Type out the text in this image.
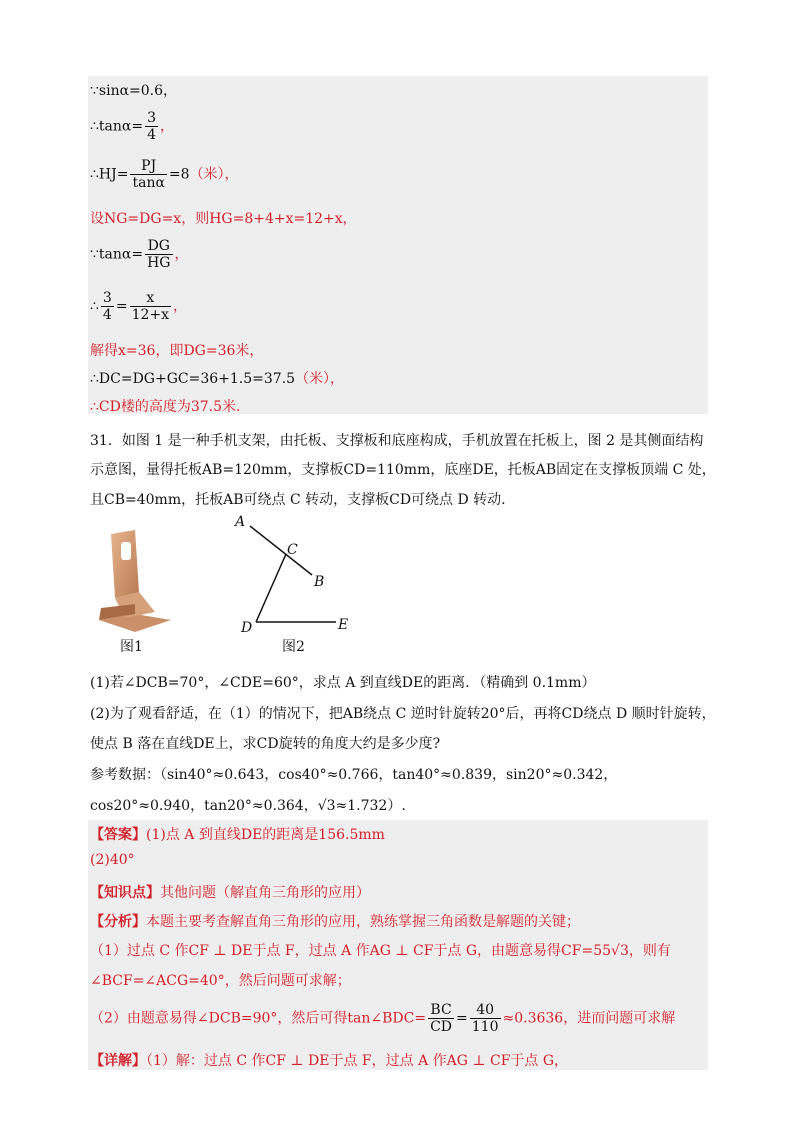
∵sinα=0.6，
∴tanα= $\frac{3}{4}$ ，
∴HJ= $\frac{PJ}{\tan\alpha} =8$（米），
设NG=DG=x，则HG=8+4+x=12+x，
∵tanα= $\frac{DG}{HG}$ ，
∴ $\frac{3}{4} = \frac{x}{12+x}$ ，
解得x=36，即DG=36米，
∴DC=DG+GC=36+1.5=37.5（米），
∴CD楼的高度为37.5米.
31．如图 1 是一种手机支架，由托板、支撑板和底座构成，手机放置在托板上，图 2 是其侧面结构
示意图，量得托板AB=120mm，支撑板CD=110mm，底座DE，托板AB固定在支撑板顶端 C 处，
且CB=40mm，托板AB可绕点 C 转动，支撑板CD可绕点 D 转动.
图1
A
C
B
D	E
图2
(1)若∠DCB=70°，∠CDE=60°，求点 A 到直线DE的距离．（精确到 0.1mm）
(2)为了观看舒适，在（1）的情况下，把AB绕点 C 逆时针旋转20°后，再将CD绕点 D 顺时针旋转，
使点 B 落在直线DE上，求CD旋转的角度大约是多少度?
参考数据：（sin40°≈0.643，cos40°≈0.766，tan40°≈0.839，sin20°≈0.342，
cos20°≈0.940，tan20°≈0.364，√3≈1.732）.
【答案】(1)点 A 到直线DE的距离是156.5mm
(2)40°
【知识点】其他问题（解直角三角形的应用）
【分析】本题主要考查解直角三角形的应用，熟练掌握三角函数是解题的关键；
（1）过点 C 作CF ⊥ DE于点 F，过点 A 作AG ⊥ CF于点 G，由题意易得CF=55√3，则有
∠BCF=∠ACG=40°，然后问题可求解；
（2）由题意易得∠DCB=90°，然后可得tan∠BDC= $\frac{BC}{CD} = \frac{40}{110} \approx 0.3636$，进而问题可求解
【详解】（1）解：过点 C 作CF ⊥ DE于点 F，过点 A 作AG ⊥ CF于点 G，
